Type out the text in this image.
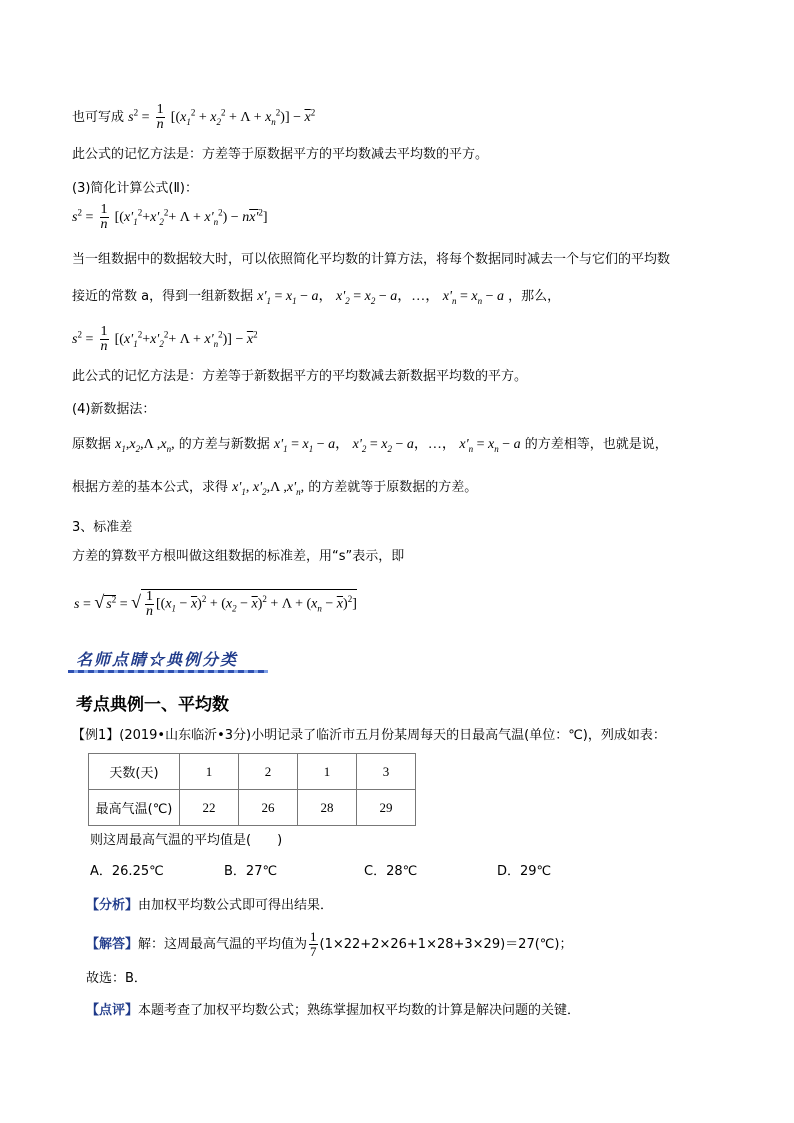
也可写成 $s^2 = \frac{1}{n} [(x_1^2 + x_2^2 + \Lambda + x_n^2)] - \overline{x}^2$
此公式的记忆方法是：方差等于原数据平方的平均数减去平均数的平方。
(3)简化计算公式(Ⅱ)：
$s^2 = \frac{1}{n} [(x'_1^2+x'_2^2+ \Lambda + x'_n^2) - nx'^2]$
当一组数据中的数据较大时，可以依照简化平均数的计算方法，将每个数据同时减去一个与它们的平均数
接近的常数 a，得到一组新数据 $x'_1 = x_1 - a$， $x'_2 = x_2 - a$，…， $x'_n = x_n - a$ ，那么，
$s^2 = \frac{1}{n} [(x'_1^2+x'_2^2+ \Lambda + x'_n^2)] - \overline{x}^2$
此公式的记忆方法是：方差等于新数据平方的平均数减去新数据平均数的平方。
(4)新数据法：
原数据 $x_1,x_2,\Lambda$ $,x_n$, 的方差与新数据 $x'_1 = x_1 - a$， $x'_2 = x_2 - a$，…， $x'_n = x_n - a$ 的方差相等，也就是说，
根据方差的基本公式，求得 $x'_1$, $x'_2,\Lambda$ $,x'_n$, 的方差就等于原数据的方差。
3、标准差
方差的算数平方根叫做这组数据的标准差，用“s”表示，即
s = √ $s^2$ = √ $\frac{1}{n} [(x_1 - \overline{x})^2 + (x_2 - \overline{x})^2 + \Lambda + (x_n - \overline{x})^2]$
名师点睛☆典例分类
考点典例一、平均数
【例1】(2019•山东临沂•3分)小明记录了临沂市五月份某周每天的日最高气温(单位：℃)，列成如表：
天数(天)	1	2	1	3
最高气温(℃)	22	26	28	29
则这周最高气温的平均值是(　　)
A．26.25℃	B．27℃	C．28℃	D．29℃
【分析】由加权平均数公式即可得出结果．
【解答】解：这周最高气温的平均值为 $\frac{1}{7}$ (1×22+2×26+1×28+3×29)＝27(℃)；
故选：B．
【点评】本题考查了加权平均数公式；熟练掌握加权平均数的计算是解决问题的关键．
